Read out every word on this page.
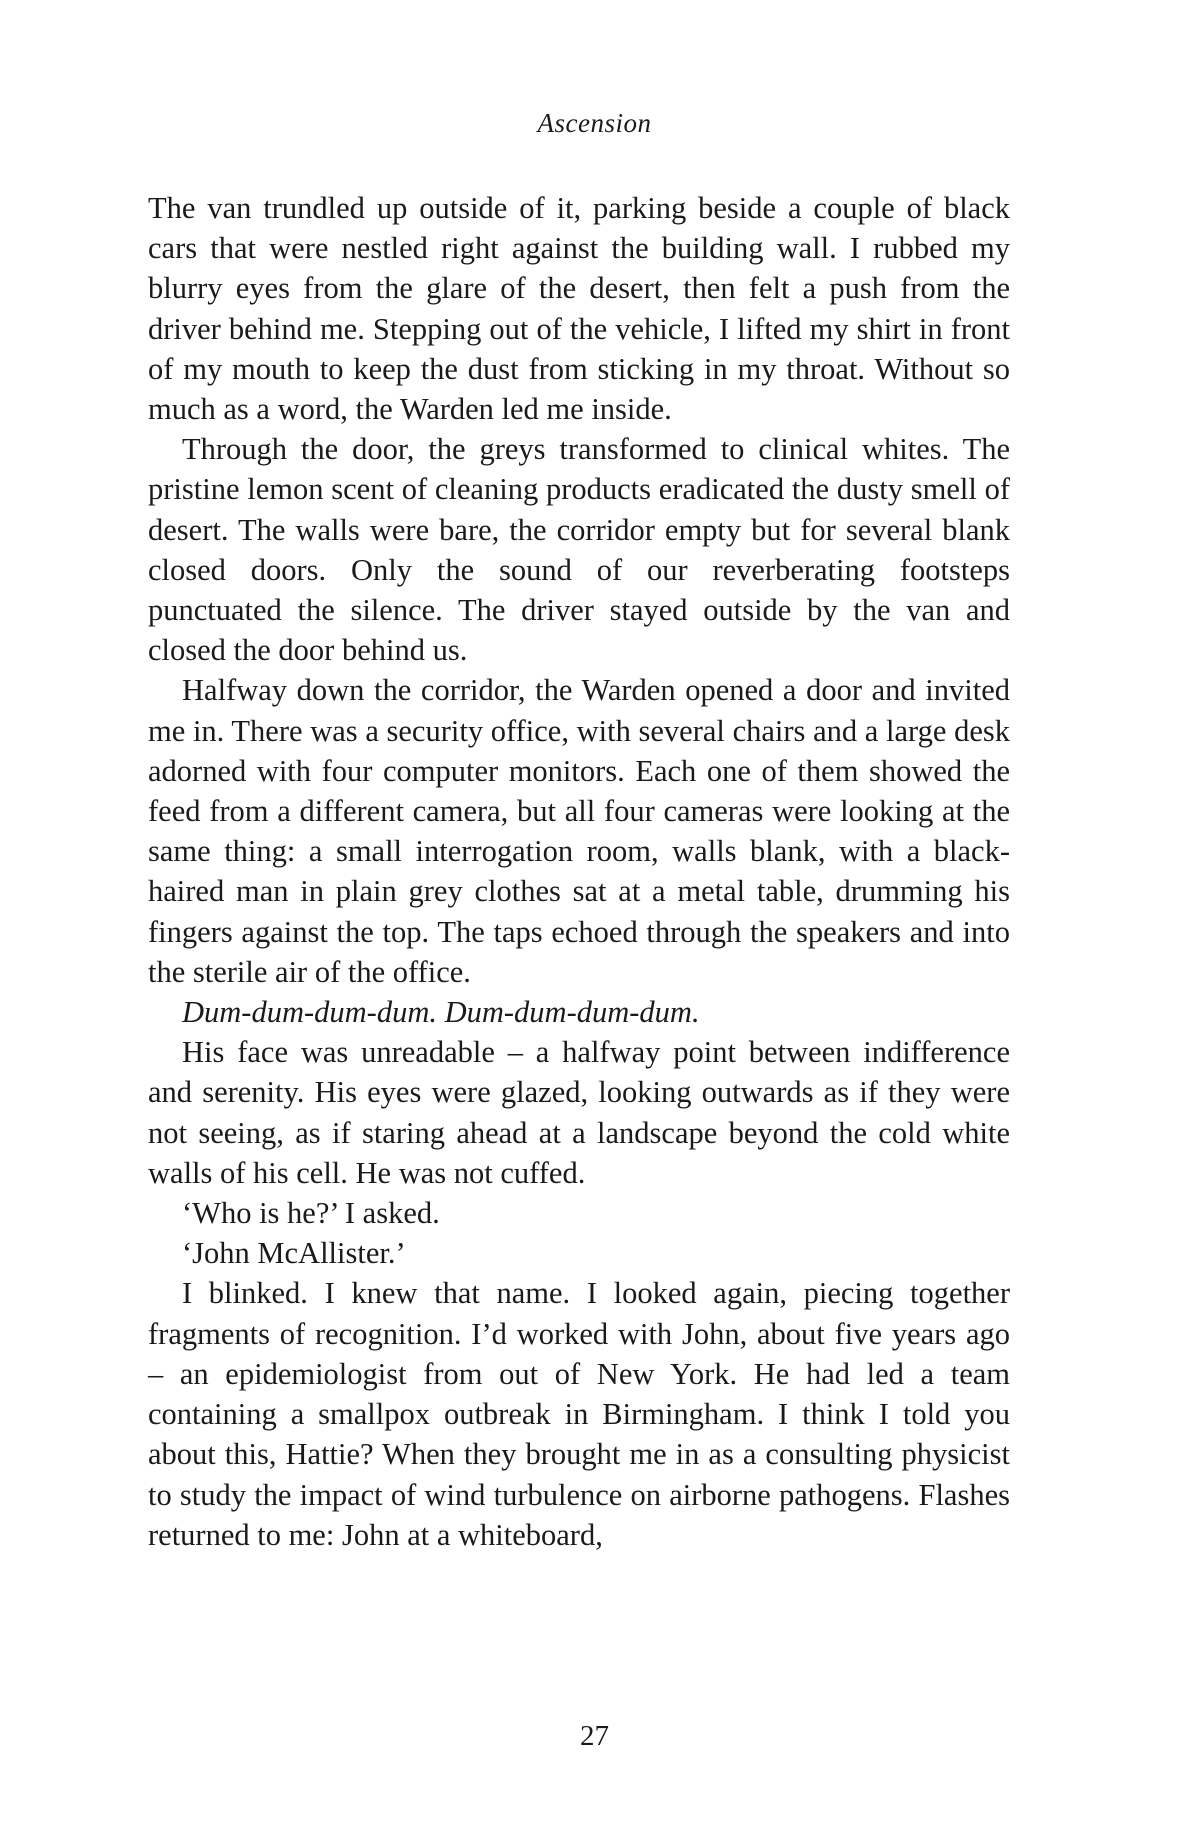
Ascension

The van trundled up outside of it, parking beside a couple of black cars that were nestled right against the building wall. I rubbed my blurry eyes from the glare of the desert, then felt a push from the driver behind me. Stepping out of the vehicle, I lifted my shirt in front of my mouth to keep the dust from sticking in my throat. Without so much as a word, the Warden led me inside.

Through the door, the greys transformed to clinical whites. The pristine lemon scent of cleaning products eradicated the dusty smell of desert. The walls were bare, the corridor empty but for several blank closed doors. Only the sound of our reverberating footsteps punctuated the silence. The driver stayed outside by the van and closed the door behind us.

Halfway down the corridor, the Warden opened a door and invited me in. There was a security office, with several chairs and a large desk adorned with four computer monitors. Each one of them showed the feed from a different camera, but all four cameras were looking at the same thing: a small interrogation room, walls blank, with a black-haired man in plain grey clothes sat at a metal table, drumming his fingers against the top. The taps echoed through the speakers and into the sterile air of the office.

Dum-dum-dum-dum. Dum-dum-dum-dum.

His face was unreadable – a halfway point between indifference and serenity. His eyes were glazed, looking outwards as if they were not seeing, as if staring ahead at a landscape beyond the cold white walls of his cell. He was not cuffed.

‘Who is he?’ I asked.

‘John McAllister.’

I blinked. I knew that name. I looked again, piecing together fragments of recognition. I’d worked with John, about five years ago – an epidemiologist from out of New York. He had led a team containing a smallpox outbreak in Birmingham. I think I told you about this, Hattie? When they brought me in as a consulting physicist to study the impact of wind turbulence on airborne pathogens. Flashes returned to me: John at a whiteboard,

27
